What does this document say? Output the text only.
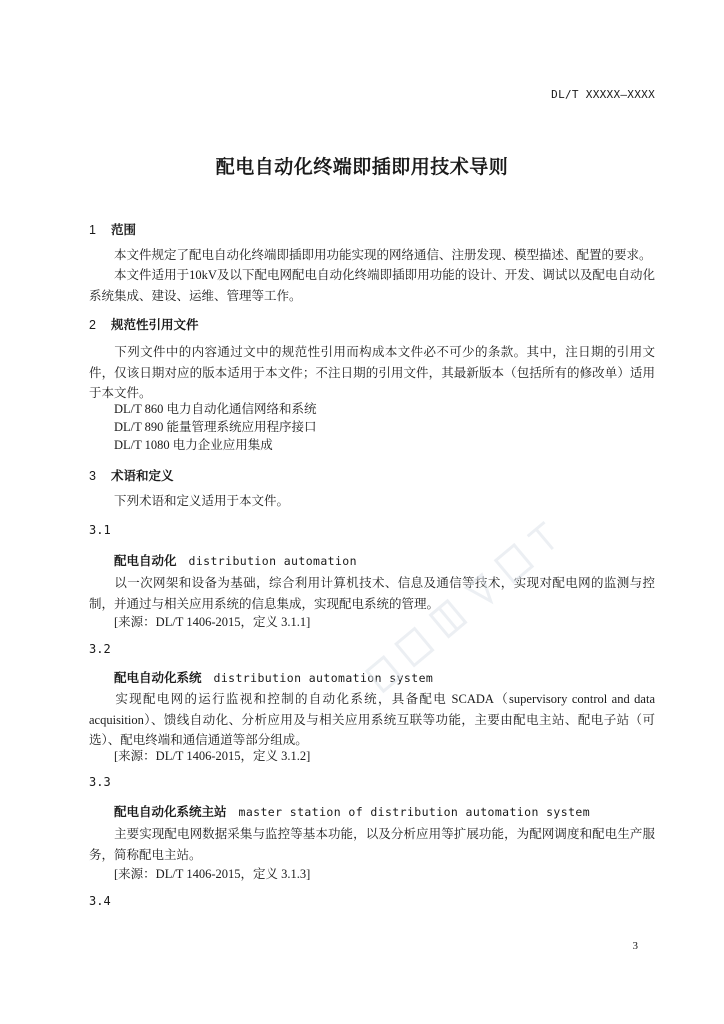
DL/T XXXXX—XXXX
配电自动化终端即插即用技术导则
1 范围
本文件规定了配电自动化终端即插即用功能实现的网络通信、注册发现、模型描述、配置的要求。
本文件适用于10kV及以下配电网配电自动化终端即插即用功能的设计、开发、调试以及配电自动化系统集成、建设、运维、管理等工作。
2 规范性引用文件
下列文件中的内容通过文中的规范性引用而构成本文件必不可少的条款。其中，注日期的引用文件，仅该日期对应的版本适用于本文件；不注日期的引用文件，其最新版本（包括所有的修改单）适用于本文件。
DL/T 860 电力自动化通信网络和系统
DL/T 890 能量管理系统应用程序接口
DL/T 1080 电力企业应用集成
3 术语和定义
下列术语和定义适用于本文件。
3.1
配电自动化 distribution automation
以一次网架和设备为基础，综合利用计算机技术、信息及通信等技术，实现对配电网的监测与控制，并通过与相关应用系统的信息集成，实现配电系统的管理。
[来源：DL/T 1406-2015，定义 3.1.1]
3.2
配电自动化系统 distribution automation system
实现配电网的运行监视和控制的自动化系统，具备配电 SCADA（supervisory control and data acquisition）、馈线自动化、分析应用及与相关应用系统互联等功能，主要由配电主站、配电子站（可选）、配电终端和通信通道等部分组成。
[来源：DL/T 1406-2015，定义 3.1.2]
3.3
配电自动化系统主站 master station of distribution automation system
主要实现配电网数据采集与监控等基本功能，以及分析应用等扩展功能，为配网调度和配电生产服务，简称配电主站。
[来源：DL/T 1406-2015，定义 3.1.3]
3.4
3
